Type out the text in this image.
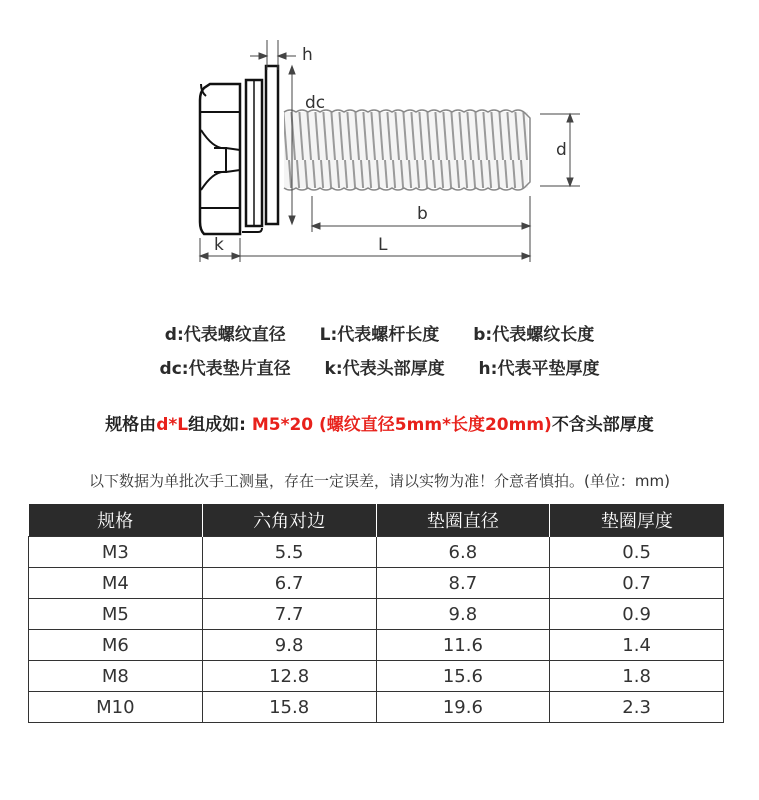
h
dc
d
b
k	L
d:代表螺纹直径 L:代表螺杆长度 b:代表螺纹长度
dc:代表垫片直径 k:代表头部厚度 h:代表平垫厚度
规格由d*L组成如: M5*20 (螺纹直径5mm*长度20mm)不含头部厚度
以下数据为单批次手工测量，存在一定误差，请以实物为准！介意者慎拍。(单位：mm)
规格	六角对边	垫圈直径	垫圈厚度
M3	5.5	6.8	0.5
M4	6.7	8.7	0.7
M5	7.7	9.8	0.9
M6	9.8	11.6	1.4
M8	12.8	15.6	1.8
M10	15.8	19.6	2.3
